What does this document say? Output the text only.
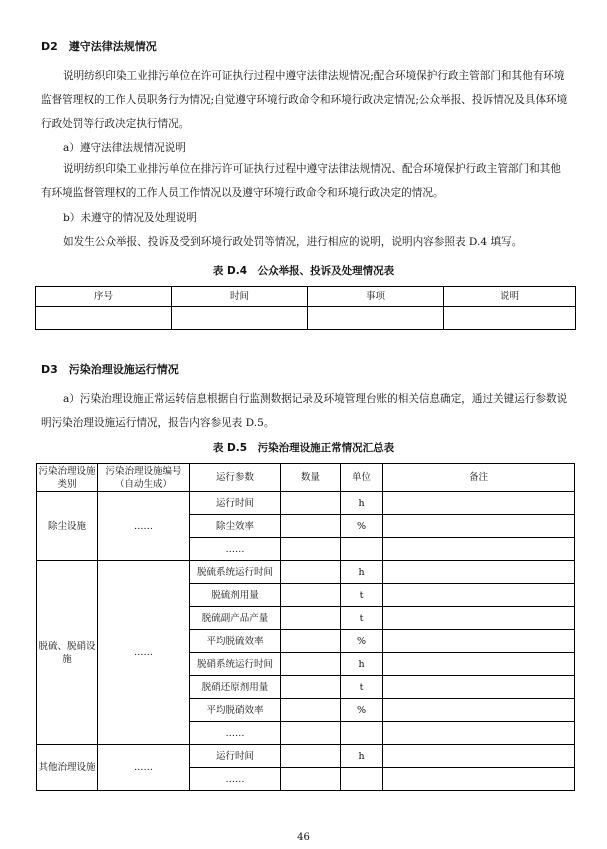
D2　遵守法律法规情况
说明纺织印染工业排污单位在许可证执行过程中遵守法律法规情况;配合环境保护行政主管部门和其他有环境监督管理权的工作人员职务行为情况;自觉遵守环境行政命令和环境行政决定情况;公众举报、投诉情况及具体环境行政处罚等行政决定执行情况。
a）遵守法律法规情况说明
说明纺织印染工业排污单位在排污许可证执行过程中遵守法律法规情况、配合环境保护行政主管部门和其他有环境监督管理权的工作人员工作情况以及遵守环境行政命令和环境行政决定的情况。
b）未遵守的情况及处理说明
如发生公众举报、投诉及受到环境行政处罚等情况，进行相应的说明，说明内容参照表 D.4 填写。
表 D.4　公众举报、投诉及处理情况表
序号	时间	事项	说明

D3　污染治理设施运行情况
a）污染治理设施正常运转信息根据自行监测数据记录及环境管理台账的相关信息确定，通过关键运行参数说明污染治理设施运行情况，报告内容参见表 D.5。
表 D.5　污染治理设施正常情况汇总表
污染治理设施类别	污染治理设施编号（自动生成）	运行参数	数量	单位	备注
除尘设施	……	运行时间		h	
		除尘效率		%	
		……			
脱硫、脱硝设施	……	脱硫系统运行时间		h	
		脱硫剂用量		t	
		脱硫副产品产量		t	
		平均脱硫效率		%	
		脱硝系统运行时间		h	
		脱硝还原剂用量		t	
		平均脱硝效率		%	
		……			
其他治理设施	……	运行时间		h	
		……			
46
